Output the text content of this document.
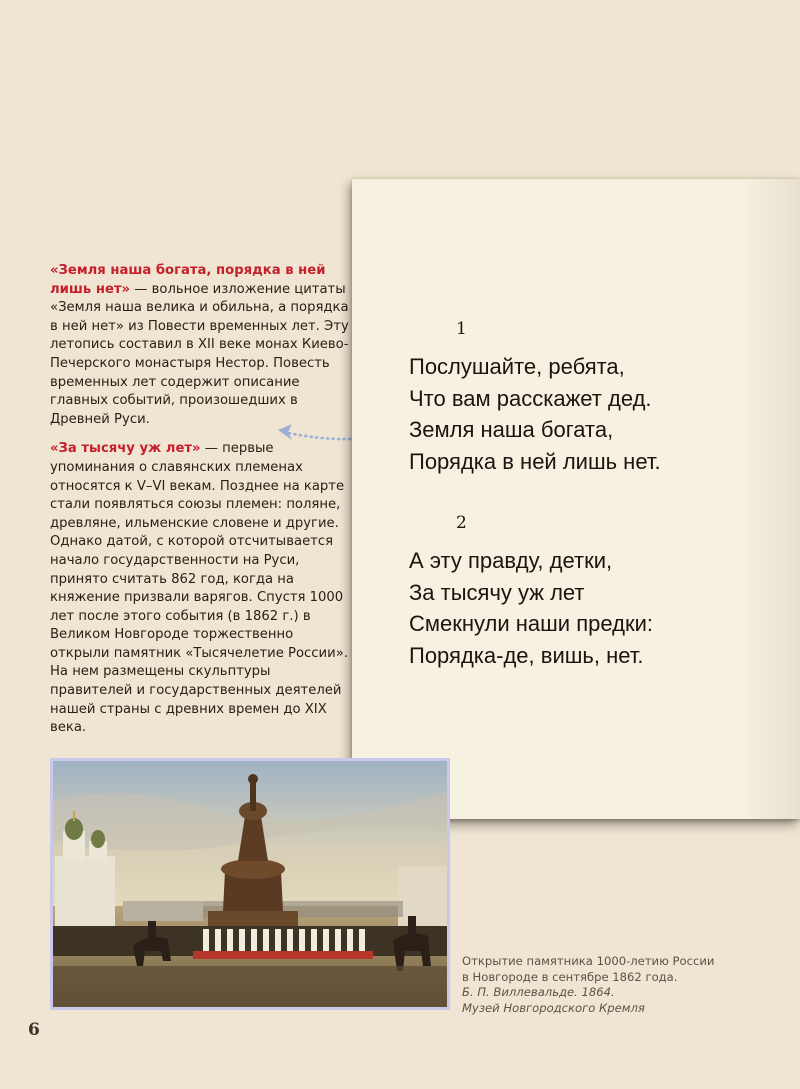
«Земля наша богата, порядка в ней лишь нет» — вольное изложение цитаты «Земля наша велика и обильна, а порядка в ней нет» из Повести временных лет. Эту летопись составил в XII веке монах Киево-Печерского монастыря Нестор. Повесть временных лет содержит описание главных событий, произошедших в Древней Руси.

«За тысячу уж лет» — первые упоминания о славянских племенах относятся к V–VI векам. Позднее на карте стали появляться союзы племен: поляне, древляне, ильменские словене и другие. Однако датой, с которой отсчитывается начало государственности на Руси, принято считать 862 год, когда на княжение призвали варягов. Спустя 1000 лет после этого события (в 1862 г.) в Великом Новгороде торжественно открыли памятник «Тысячелетие России». На нем размещены скульптуры правителей и государственных деятелей нашей страны с древних времен до XIX века.

1
Послушайте, ребята,
Что вам расскажет дед.
Земля наша богата,
Порядка в ней лишь нет.
2
А эту правду, детки,
За тысячу уж лет
Смекнули наши предки:
Порядка-де, вишь, нет.
Открытие памятника 1000-летию России
в Новгороде в сентябре 1862 года.
Б. П. Виллевальде. 1864.
Музей Новгородского Кремля
6
